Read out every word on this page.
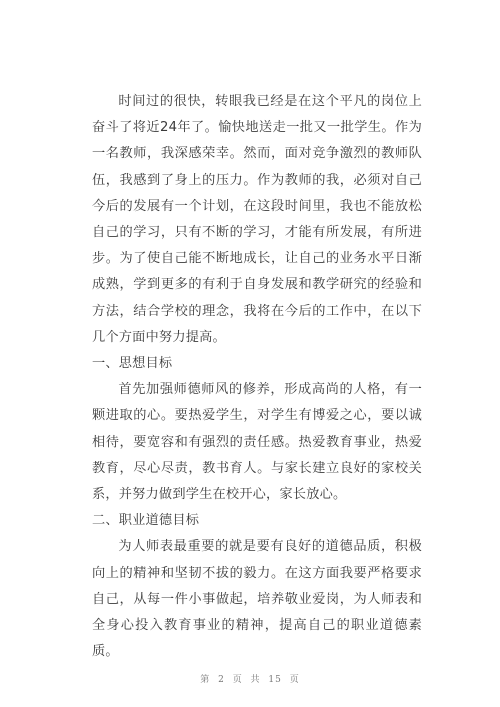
时间过的很快，转眼我已经是在这个平凡的岗位上奋斗了将近24年了。愉快地送走一批又一批学生。作为一名教师，我深感荣幸。然而，面对竞争激烈的教师队伍，我感到了身上的压力。作为教师的我，必须对自己今后的发展有一个计划，在这段时间里，我也不能放松自己的学习，只有不断的学习，才能有所发展，有所进步。为了使自己能不断地成长，让自己的业务水平日渐成熟，学到更多的有利于自身发展和教学研究的经验和方法，结合学校的理念，我将在今后的工作中，在以下几个方面中努力提高。

一、思想目标

首先加强师德师风的修养，形成高尚的人格，有一颗进取的心。要热爱学生，对学生有博爱之心，要以诚相待，要宽容和有强烈的责任感。热爱教育事业，热爱教育，尽心尽责，教书育人。与家长建立良好的家校关系，并努力做到学生在校开心，家长放心。

二、职业道德目标

为人师表最重要的就是要有良好的道德品质，积极向上的精神和坚韧不拔的毅力。在这方面我要严格要求自己，从每一件小事做起，培养敬业爱岗，为人师表和全身心投入教育事业的精神，提高自己的职业道德素质。

第 2 页 共 15 页
